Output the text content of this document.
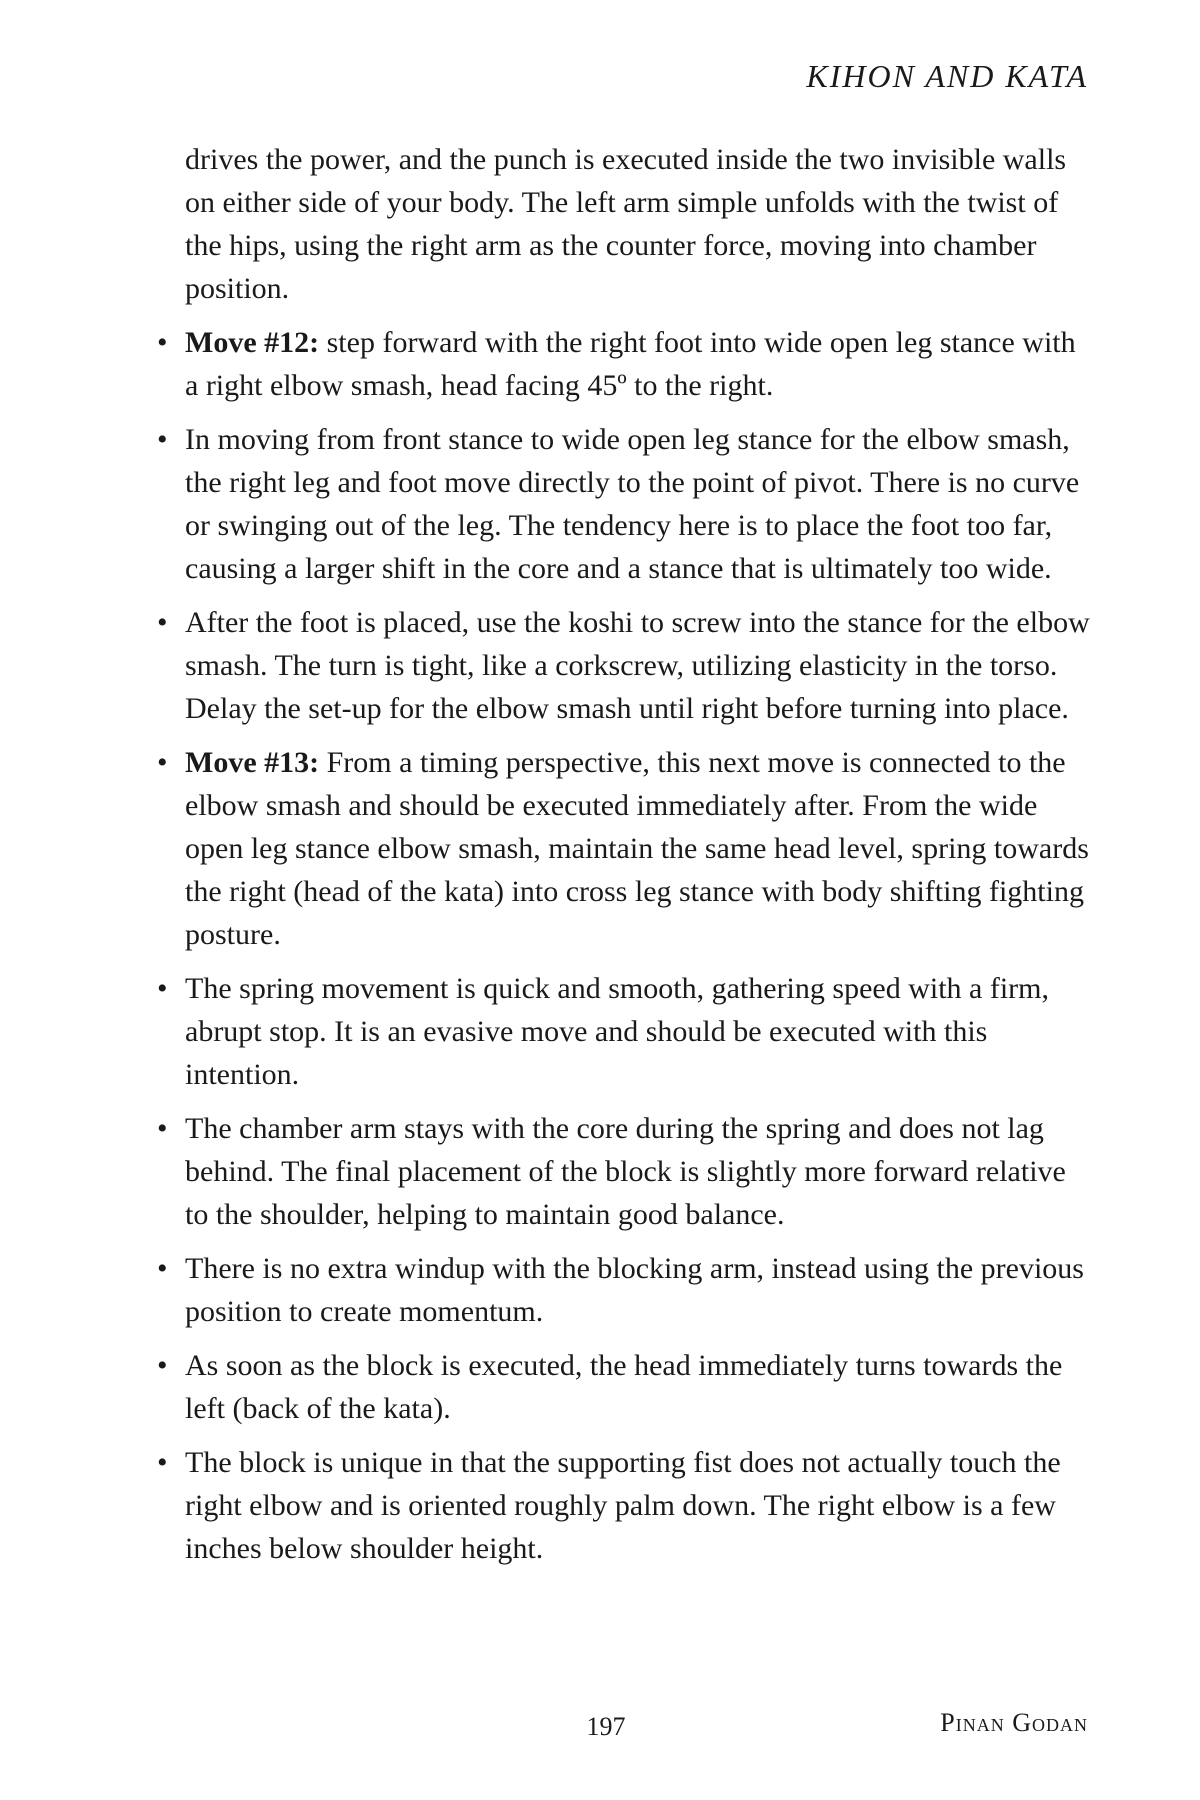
KIHON AND KATA

drives the power, and the punch is executed inside the two invisible walls on either side of your body. The left arm simple unfolds with the twist of the hips, using the right arm as the counter force, moving into chamber position.

• Move #12: step forward with the right foot into wide open leg stance with a right elbow smash, head facing 45º to the right.
• In moving from front stance to wide open leg stance for the elbow smash, the right leg and foot move directly to the point of pivot. There is no curve or swinging out of the leg. The tendency here is to place the foot too far, causing a larger shift in the core and a stance that is ultimately too wide.
• After the foot is placed, use the koshi to screw into the stance for the elbow smash. The turn is tight, like a corkscrew, utilizing elasticity in the torso. Delay the set-up for the elbow smash until right before turning into place.
• Move #13: From a timing perspective, this next move is connected to the elbow smash and should be executed immediately after. From the wide open leg stance elbow smash, maintain the same head level, spring towards the right (head of the kata) into cross leg stance with body shifting fighting posture.
• The spring movement is quick and smooth, gathering speed with a firm, abrupt stop. It is an evasive move and should be executed with this intention.
• The chamber arm stays with the core during the spring and does not lag behind. The final placement of the block is slightly more forward relative to the shoulder, helping to maintain good balance.
• There is no extra windup with the blocking arm, instead using the previous position to create momentum.
• As soon as the block is executed, the head immediately turns towards the left (back of the kata).
• The block is unique in that the supporting fist does not actually touch the right elbow and is oriented roughly palm down. The right elbow is a few inches below shoulder height.
197	Pinan Godan
